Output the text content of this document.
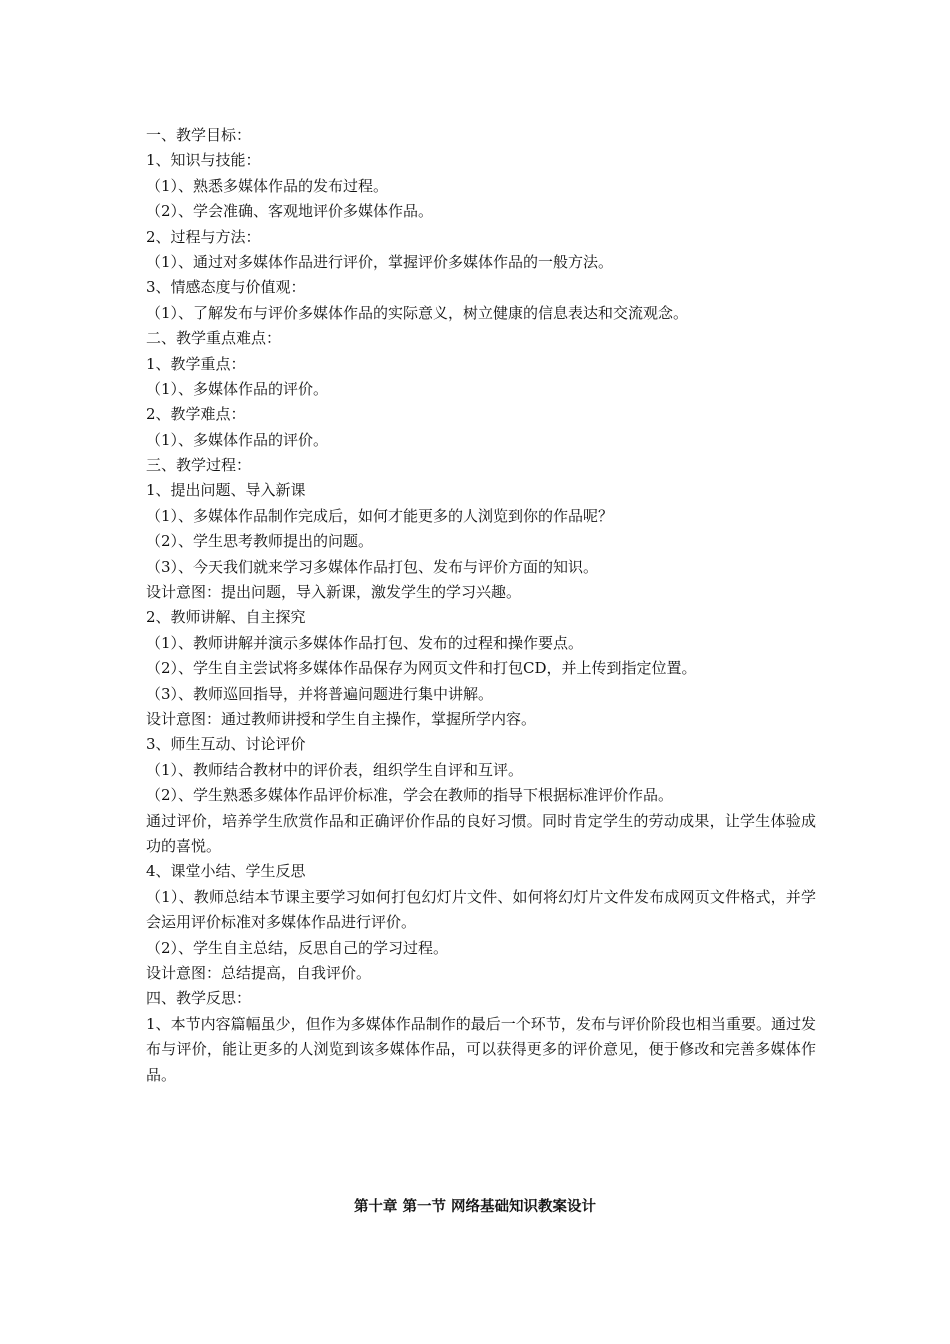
一、教学目标：
1、知识与技能：
（1）、熟悉多媒体作品的发布过程。
（2）、学会准确、客观地评价多媒体作品。
2、过程与方法：
（1）、通过对多媒体作品进行评价，掌握评价多媒体作品的一般方法。
3、情感态度与价值观：
（1）、了解发布与评价多媒体作品的实际意义，树立健康的信息表达和交流观念。
二、教学重点难点：
1、教学重点：
（1）、多媒体作品的评价。
2、教学难点：
（1）、多媒体作品的评价。
三、教学过程：
1、提出问题、导入新课
（1）、多媒体作品制作完成后，如何才能更多的人浏览到你的作品呢？
（2）、学生思考教师提出的问题。
（3）、今天我们就来学习多媒体作品打包、发布与评价方面的知识。
设计意图：提出问题，导入新课，激发学生的学习兴趣。
2、教师讲解、自主探究
（1）、教师讲解并演示多媒体作品打包、发布的过程和操作要点。
（2）、学生自主尝试将多媒体作品保存为网页文件和打包CD，并上传到指定位置。
（3）、教师巡回指导，并将普遍问题进行集中讲解。
设计意图：通过教师讲授和学生自主操作，掌握所学内容。
3、师生互动、讨论评价
（1）、教师结合教材中的评价表，组织学生自评和互评。
（2）、学生熟悉多媒体作品评价标准，学会在教师的指导下根据标准评价作品。
通过评价，培养学生欣赏作品和正确评价作品的良好习惯。同时肯定学生的劳动成果，让学生体验成功的喜悦。
4、课堂小结、学生反思
（1）、教师总结本节课主要学习如何打包幻灯片文件、如何将幻灯片文件发布成网页文件格式，并学会运用评价标准对多媒体作品进行评价。
（2）、学生自主总结，反思自己的学习过程。
设计意图：总结提高，自我评价。
四、教学反思：
1、本节内容篇幅虽少，但作为多媒体作品制作的最后一个环节，发布与评价阶段也相当重要。通过发布与评价，能让更多的人浏览到该多媒体作品，可以获得更多的评价意见，便于修改和完善多媒体作品。
第十章 第一节 网络基础知识教案设计
